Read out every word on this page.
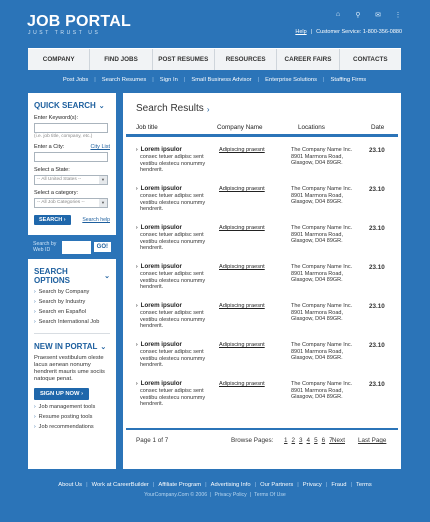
JOB PORTAL
JUST TRUST US
⌂ ⚲ ✉ ⋮
Help | Customer Service: 1-800-356-0880
COMPANY	FIND JOBS	POST RESUMES	RESOURCES	CAREER FAIRS	CONTACTS
Post Jobs | Search Resumes | Sign In | Small Business Advisor | Enterprise Solutions | Staffing Firms
QUICK SEARCH ⌄
Enter Keyword(s):
(i.e. job title, company, etc.)
Enter a City:	City List
Select a State:
-- All United States --	▼
Select a category:
-- All Job Categories --	▼
SEARCH ›	Search help
Search by Web ID	GO!
SEARCH OPTIONS	⌄
› Search by Company
› Search by Industry
› Search en Español
› Search International Job
NEW IN PORTAL ⌄
Praesent vestibulum oleste lacus aenean nonumy hendrerit mauris ume sociis natoque penat.
SIGN UP NOW ›
› Job management tools
› Resume posting tools
› Job recommendations
Search Results ›
Job title	Company Name	Locations	Date
› Lorem ipsulor
consec tetuer adipisc sent vestibu olestecu nonummy hendrerit.
Adipiscing praesnt	The Company Name Inc.
8901 Marmora Road,
Glasgow, D04 89GR.
23.10
› Lorem ipsulor
consec tetuer adipisc sent vestibu olestecu nonummy hendrerit.
Adipiscing praesnt	The Company Name Inc.
8901 Marmora Road,
Glasgow, D04 89GR.
23.10
› Lorem ipsulor
consec tetuer adipisc sent vestibu olestecu nonummy hendrerit.
Adipiscing praesnt	The Company Name Inc.
8901 Marmora Road,
Glasgow, D04 89GR.
23.10
› Lorem ipsulor
consec tetuer adipisc sent vestibu olestecu nonummy hendrerit.
Adipiscing praesnt	The Company Name Inc.
8901 Marmora Road,
Glasgow, D04 89GR.
23.10
› Lorem ipsulor
consec tetuer adipisc sent vestibu olestecu nonummy hendrerit.
Adipiscing praesnt	The Company Name Inc.
8901 Marmora Road,
Glasgow, D04 89GR.
23.10
› Lorem ipsulor
consec tetuer adipisc sent vestibu olestecu nonummy hendrerit.
Adipiscing praesnt	The Company Name Inc.
8901 Marmora Road,
Glasgow, D04 89GR.
23.10
› Lorem ipsulor
consec tetuer adipisc sent vestibu olestecu nonummy hendrerit.
Adipiscing praesnt	The Company Name Inc.
8901 Marmora Road,
Glasgow, D04 89GR.
23.10
Page 1 of 7	Browse Pages: 1 2 3 4 5 6 7 Next Last Page
About Us | Work at CareerBuilder | Affiliate Program | Advertising Info | Our Partners | Privacy | Fraud | Terms
YourCompany.Com © 2006 | Privacy Policy | Terms Of Use
